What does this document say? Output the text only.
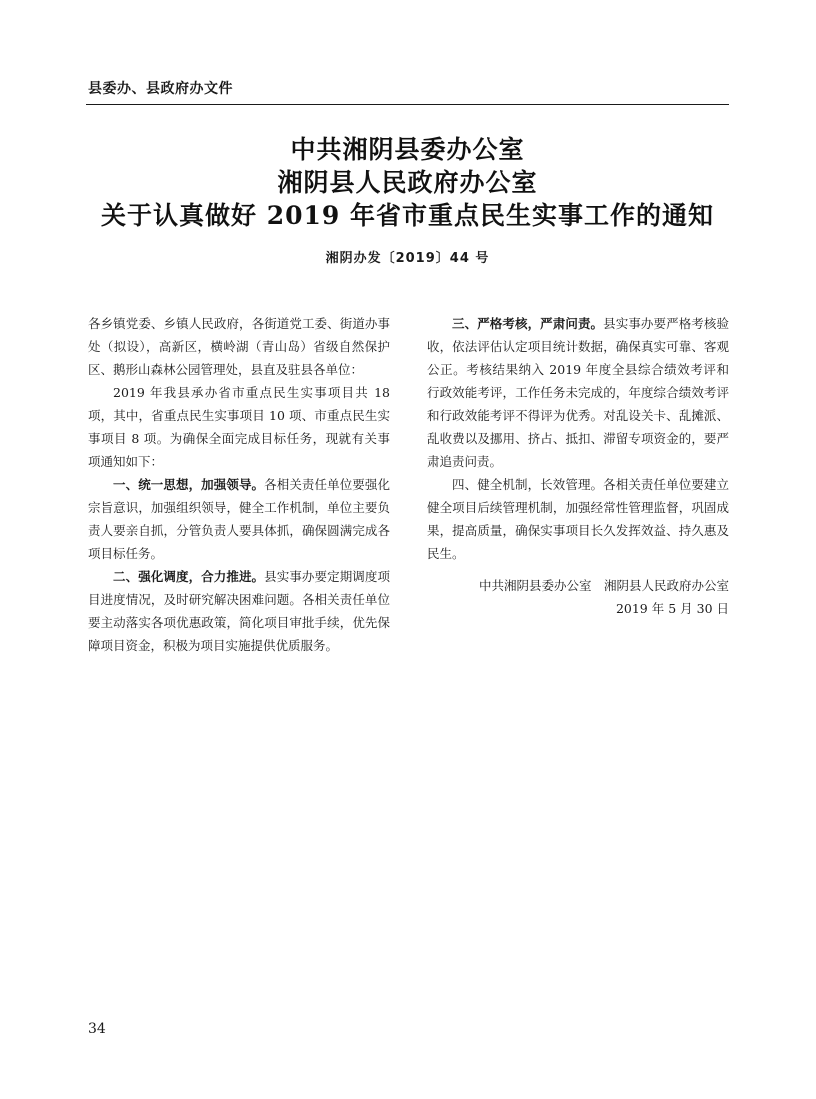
县委办、县政府办文件
中共湘阴县委办公室
湘阴县人民政府办公室
关于认真做好 2019 年省市重点民生实事工作的通知
湘阴办发〔2019〕44 号

各乡镇党委、乡镇人民政府，各街道党工委、街道办事处（拟设），高新区，横岭湖（青山岛）省级自然保护区、鹅形山森林公园管理处，县直及驻县各单位：

2019 年我县承办省市重点民生实事项目共 18 项，其中，省重点民生实事项目 10 项、市重点民生实事项目 8 项。为确保全面完成目标任务，现就有关事项通知如下：

一、统一思想，加强领导。各相关责任单位要强化宗旨意识，加强组织领导，健全工作机制，单位主要负责人要亲自抓，分管负责人要具体抓，确保圆满完成各项目标任务。

二、强化调度，合力推进。县实事办要定期调度项目进度情况，及时研究解决困难问题。各相关责任单位要主动落实各项优惠政策，简化项目审批手续，优先保障项目资金，积极为项目实施提供优质服务。

三、严格考核，严肃问责。县实事办要严格考核验收，依法评估认定项目统计数据，确保真实可靠、客观公正。考核结果纳入 2019 年度全县综合绩效考评和行政效能考评，工作任务未完成的，年度综合绩效考评和行政效能考评不得评为优秀。对乱设关卡、乱摊派、乱收费以及挪用、挤占、抵扣、滞留专项资金的，要严肃追责问责。

四、健全机制，长效管理。各相关责任单位要建立健全项目后续管理机制，加强经常性管理监督，巩固成果，提高质量，确保实事项目长久发挥效益、持久惠及民生。

中共湘阴县委办公室　湘阴县人民政府办公室

2019 年 5 月 30 日

34
